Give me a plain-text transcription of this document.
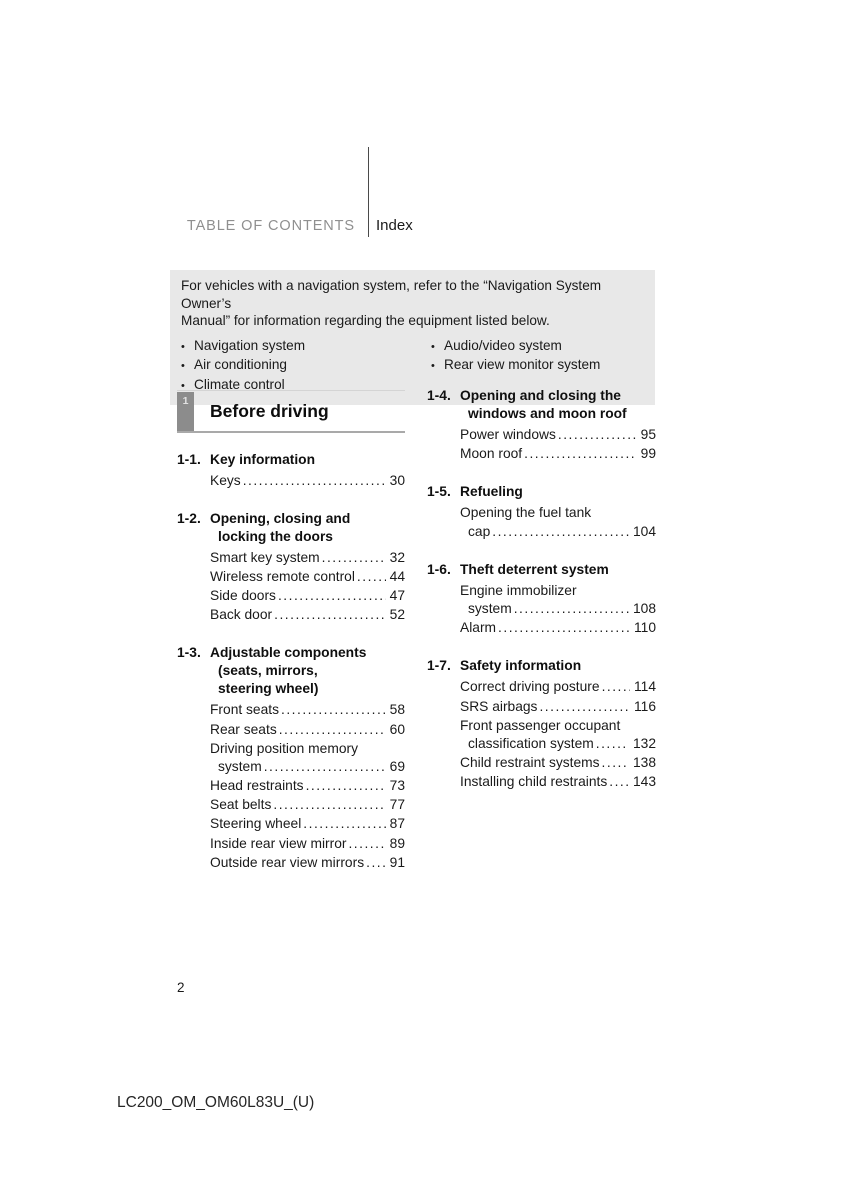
TABLE OF CONTENTS Index

For vehicles with a navigation system, refer to the “Navigation System Owner’s
Manual” for information regarding the equipment listed below.

• Navigation system
• Air conditioning
• Climate control
• Audio/video system
• Rear view monitor system
1	Before driving
1-1. Key information
Keys .....	30
1-2. Opening, closing and
locking the doors
Smart key system .....	32
Wireless remote control .....	44
Side doors .....	47
Back door .....	52
1-3. Adjustable components
(seats, mirrors,
steering wheel)
Front seats .....	58
Rear seats .....	60
Driving position memory
system .....	69
Head restraints .....	73
Seat belts .....	77
Steering wheel .....	87
Inside rear view mirror .....	89
Outside rear view mirrors ..... 91
1-4. Opening and closing the
windows and moon roof
Power windows .....	95
Moon roof .....	99
1-5. Refueling
Opening the fuel tank
cap .....	104
1-6. Theft deterrent system
Engine immobilizer
system .....	108
Alarm .....	110
1-7. Safety information
Correct driving posture ..... 114
SRS airbags .....	116
Front passenger occupant
classification system .....	132
Child restraint systems ..... 138
Installing child restraints ..... 143
2
LC200_OM_OM60L83U_(U)
